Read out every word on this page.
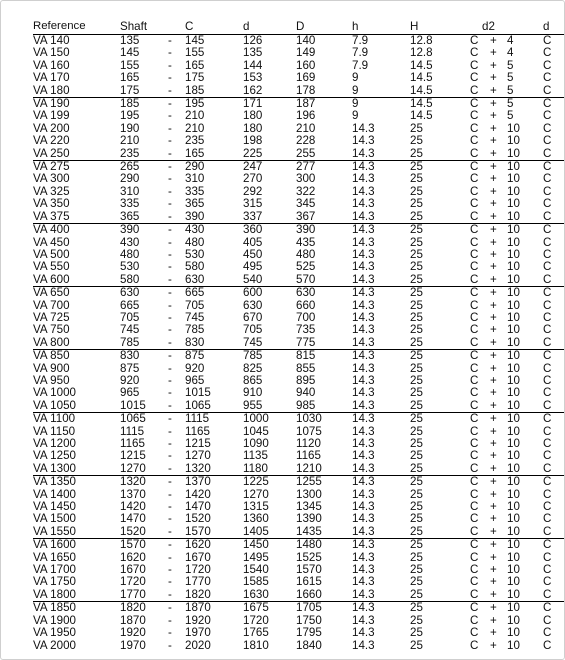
Reference	Shaft		C	d	D	h	H	d2			d
VA 140	135	-	145	126	140	7.9	12.8	C	+	4	C
VA 150	145	-	155	135	149	7.9	12.8	C	+	4	C
VA 160	155	-	165	144	160	7.9	14.5	C	+	5	C
VA 170	165	-	175	153	169	9	14.5	C	+	5	C
VA 180	175	-	185	162	178	9	14.5	C	+	5	C
VA 190	185	-	195	171	187	9	14.5	C	+	5	C
VA 199	195	-	210	180	196	9	14.5	C	+	5	C
VA 200	190	-	210	180	210	14.3	25	C	+	10	C
VA 220	210	-	235	198	228	14.3	25	C	+	10	C
VA 250	235	-	165	225	255	14.3	25	C	+	10	C
VA 275	265	-	290	247	277	14.3	25	C	+	10	C
VA 300	290	-	310	270	300	14.3	25	C	+	10	C
VA 325	310	-	335	292	322	14.3	25	C	+	10	C
VA 350	335	-	365	315	345	14.3	25	C	+	10	C
VA 375	365	-	390	337	367	14.3	25	C	+	10	C
VA 400	390	-	430	360	390	14.3	25	C	+	10	C
VA 450	430	-	480	405	435	14.3	25	C	+	10	C
VA 500	480	-	530	450	480	14.3	25	C	+	10	C
VA 550	530	-	580	495	525	14.3	25	C	+	10	C
VA 600	580	-	630	540	570	14.3	25	C	+	10	C
VA 650	630	-	665	600	630	14.3	25	C	+	10	C
VA 700	665	-	705	630	660	14.3	25	C	+	10	C
VA 725	705	-	745	670	700	14.3	25	C	+	10	C
VA 750	745	-	785	705	735	14.3	25	C	+	10	C
VA 800	785	-	830	745	775	14.3	25	C	+	10	C
VA 850	830	-	875	785	815	14.3	25	C	+	10	C
VA 900	875	-	920	825	855	14.3	25	C	+	10	C
VA 950	920	-	965	865	895	14.3	25	C	+	10	C
VA 1000	965	-	1015	910	940	14.3	25	C	+	10	C
VA 1050	1015	-	1065	955	985	14.3	25	C	+	10	C
VA 1100	1065	-	1115	1000	1030	14.3	25	C	+	10	C
VA 1150	1115	-	1165	1045	1075	14.3	25	C	+	10	C
VA 1200	1165	-	1215	1090	1120	14.3	25	C	+	10	C
VA 1250	1215	-	1270	1135	1165	14.3	25	C	+	10	C
VA 1300	1270	-	1320	1180	1210	14.3	25	C	+	10	C
VA 1350	1320	-	1370	1225	1255	14.3	25	C	+	10	C
VA 1400	1370	-	1420	1270	1300	14.3	25	C	+	10	C
VA 1450	1420	-	1470	1315	1345	14.3	25	C	+	10	C
VA 1500	1470	-	1520	1360	1390	14.3	25	C	+	10	C
VA 1550	1520	-	1570	1405	1435	14.3	25	C	+	10	C
VA 1600	1570	-	1620	1450	1480	14.3	25	C	+	10	C
VA 1650	1620	-	1670	1495	1525	14.3	25	C	+	10	C
VA 1700	1670	-	1720	1540	1570	14.3	25	C	+	10	C
VA 1750	1720	-	1770	1585	1615	14.3	25	C	+	10	C
VA 1800	1770	-	1820	1630	1660	14.3	25	C	+	10	C
VA 1850	1820	-	1870	1675	1705	14.3	25	C	+	10	C
VA 1900	1870	-	1920	1720	1750	14.3	25	C	+	10	C
VA 1950	1920	-	1970	1765	1795	14.3	25	C	+	10	C
VA 2000	1970	-	2020	1810	1840	14.3	25	C	+	10	C
